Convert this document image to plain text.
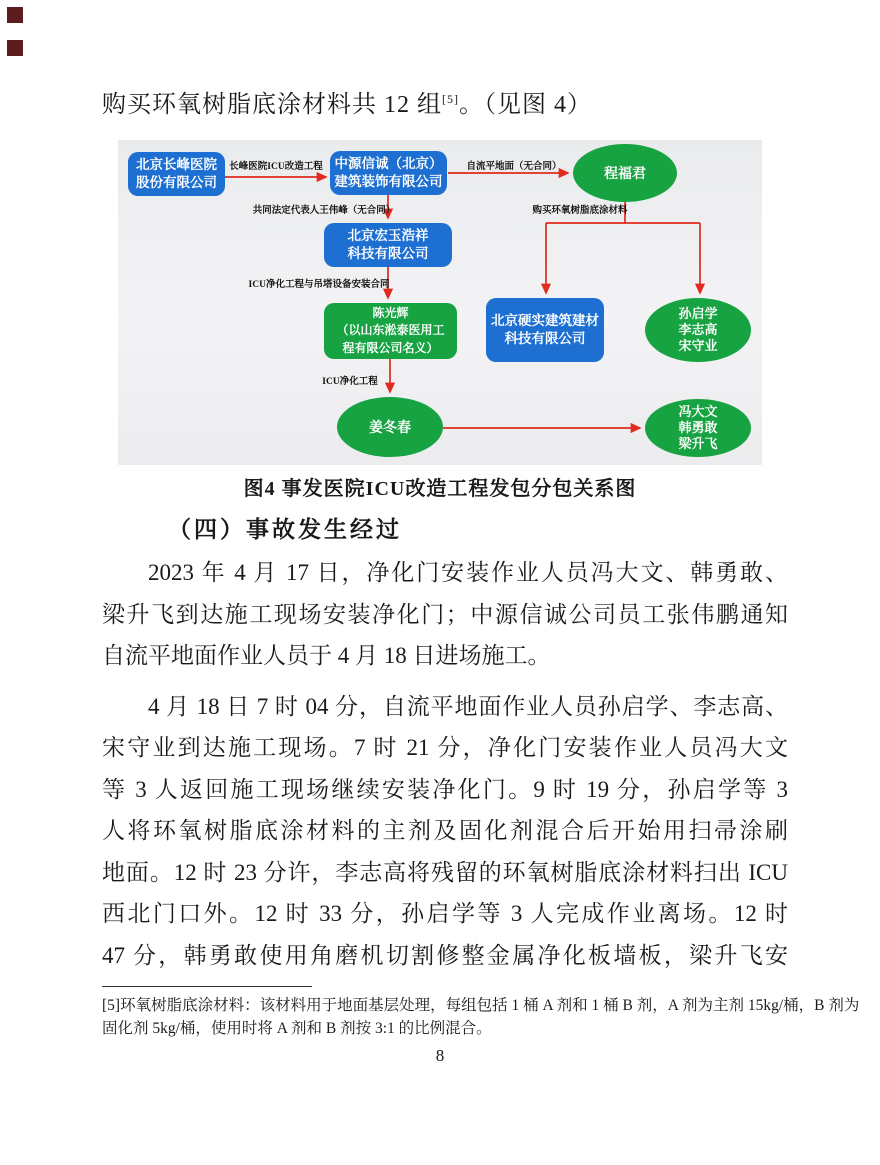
购买环氧树脂底涂材料共 12 组[5]。（见图 4）
北京长峰医院
股份有限公司
中源信诚（北京）
建筑装饰有限公司
程福君
北京宏玉浩祥
科技有限公司
陈光辉
（以山东淞泰医用工
程有限公司名义）
北京硬实建筑建材
科技有限公司
孙启学
李志高
宋守业
姜冬春
冯大文
韩勇敢
梁升飞
长峰医院ICU改造工程	自流平地面（无合同）
共同法定代表人王伟峰（无合同）	购买环氧树脂底涂材料
ICU净化工程与吊塔设备安装合同
ICU净化工程
图4 事发医院ICU改造工程发包分包关系图
（四）事故发生经过
2023 年 4 月 17 日，净化门安装作业人员冯大文、韩勇敢、
梁升飞到达施工现场安装净化门；中源信诚公司员工张伟鹏通知
自流平地面作业人员于 4 月 18 日进场施工。
4 月 18 日 7 时 04 分，自流平地面作业人员孙启学、李志高、
宋守业到达施工现场。7 时 21 分，净化门安装作业人员冯大文
等 3 人返回施工现场继续安装净化门。9 时 19 分，孙启学等 3
人将环氧树脂底涂材料的主剂及固化剂混合后开始用扫帚涂刷
地面。12 时 23 分许，李志高将残留的环氧树脂底涂材料扫出 ICU
西北门口外。12 时 33 分，孙启学等 3 人完成作业离场。12 时
47 分，韩勇敢使用角磨机切割修整金属净化板墙板，梁升飞安
[5]环氧树脂底涂材料：该材料用于地面基层处理，每组包括 1 桶 A 剂和 1 桶 B 剂，A 剂为主剂 15kg/桶，B 剂为
固化剂 5kg/桶，使用时将 A 剂和 B 剂按 3:1 的比例混合。
8
